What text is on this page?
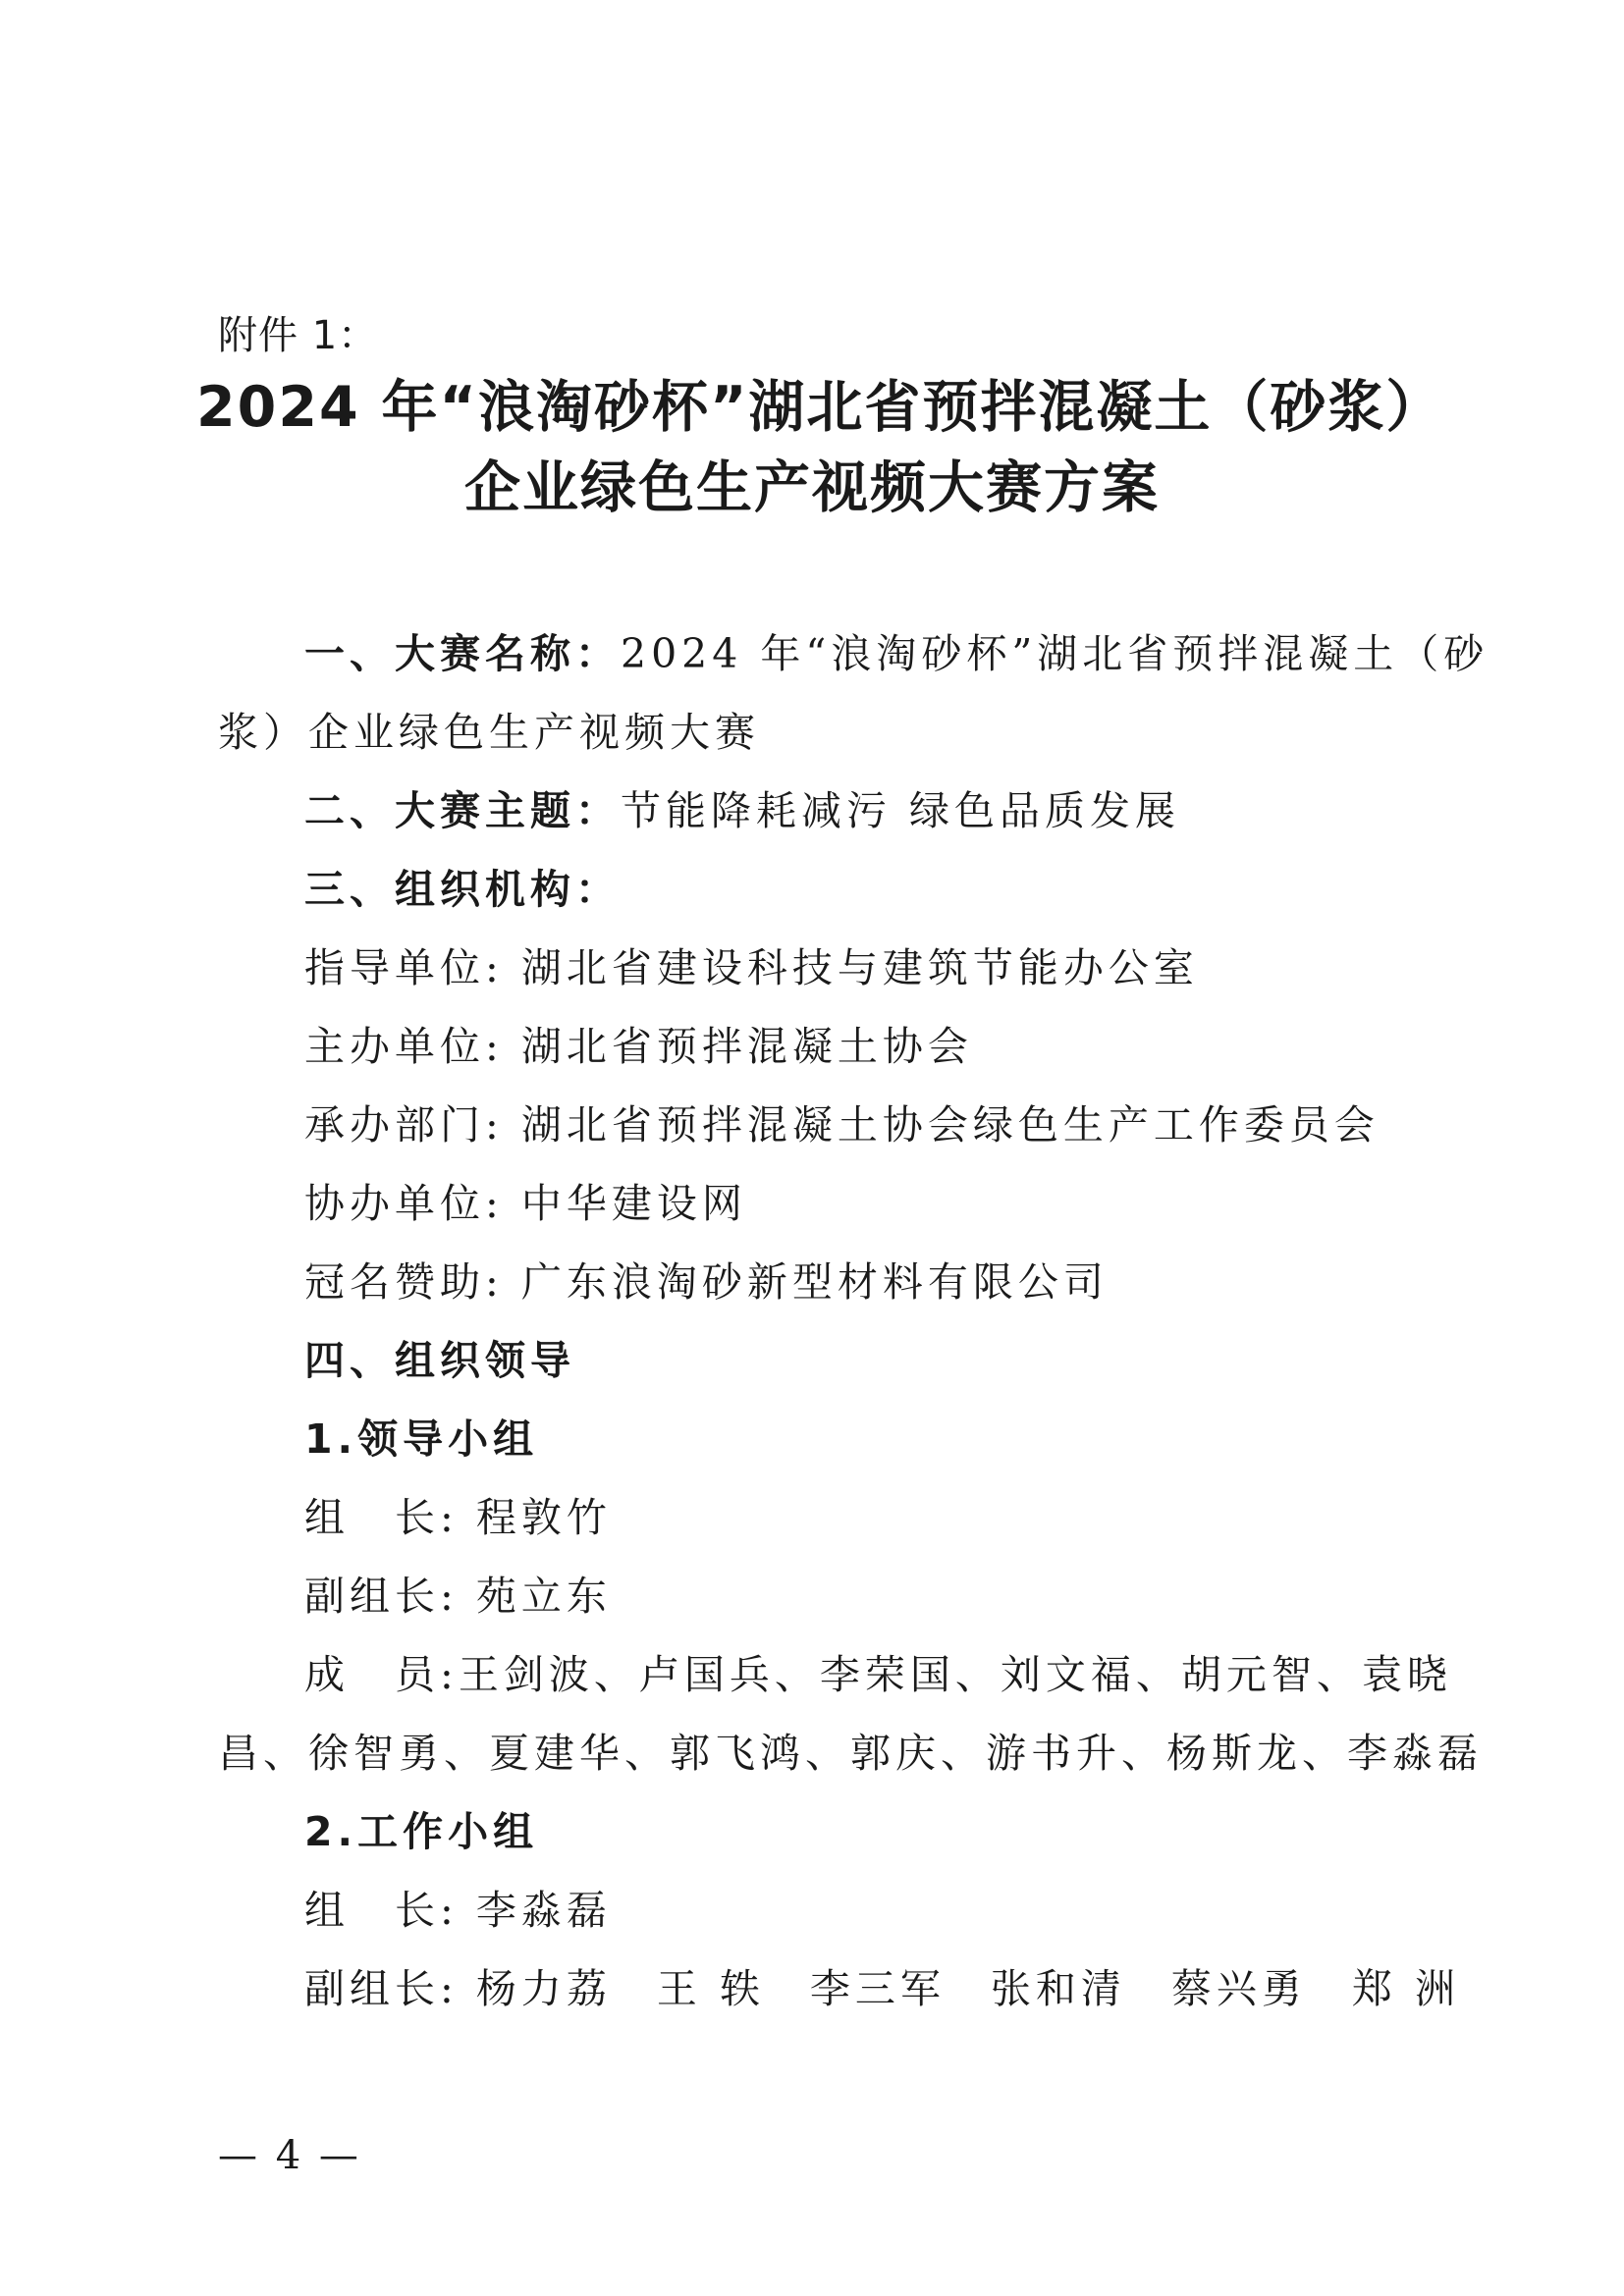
附件 1：

2024 年“浪淘砂杯”湖北省预拌混凝土（砂浆）
企业绿色生产视频大赛方案

一、大赛名称：2024 年“浪淘砂杯”湖北省预拌混凝土（砂

浆）企业绿色生产视频大赛

二、大赛主题：节能降耗减污 绿色品质发展

三、组织机构：

指导单位: 湖北省建设科技与建筑节能办公室

主办单位: 湖北省预拌混凝土协会

承办部门: 湖北省预拌混凝土协会绿色生产工作委员会

协办单位: 中华建设网

冠名赞助: 广东浪淘砂新型材料有限公司

四、组织领导

1.领导小组

组　长: 程敦竹

副组长: 苑立东

成　员:王剑波、卢国兵、李荣国、刘文福、胡元智、袁晓

昌、徐智勇、夏建华、郭飞鸿、郭庆、游书升、杨斯龙、李淼磊

2.工作小组

组　长: 李淼磊

副组长: 杨力荔　王 轶　李三军　张和清　蔡兴勇　郑 洲

— 4 —
